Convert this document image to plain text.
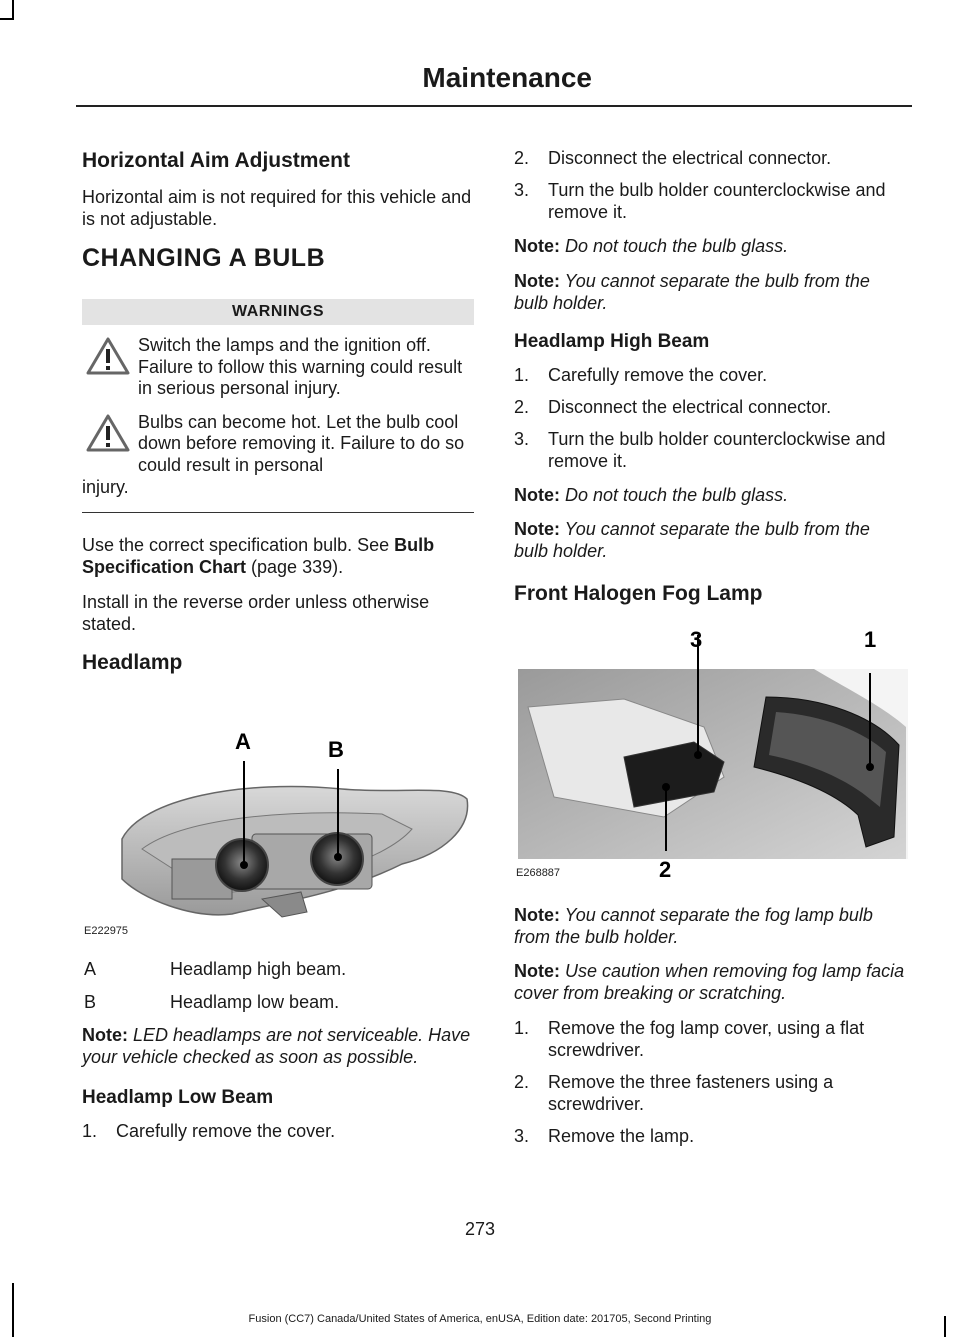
Maintenance
Horizontal Aim Adjustment

Horizontal aim is not required for this vehicle and is not adjustable.

CHANGING A BULB
WARNINGS
Switch the lamps and the ignition off. Failure to follow this warning could result in serious personal injury.
Bulbs can become hot. Let the bulb cool down before removing it. Failure to do so could result in personal
injury.

Use the correct specification bulb. See Bulb Specification Chart (page 339).

Install in the reverse order unless otherwise stated.

Headlamp
A	B
E222975
A	Headlamp high beam.
B	Headlamp low beam.

Note: LED headlamps are not serviceable. Have your vehicle checked as soon as possible.

Headlamp Low Beam
1. Carefully remove the cover.
2. Disconnect the electrical connector.
3. Turn the bulb holder counterclockwise and remove it.

Note: Do not touch the bulb glass.

Note: You cannot separate the bulb from the bulb holder.

Headlamp High Beam
1. Carefully remove the cover.
2. Disconnect the electrical connector.
3. Turn the bulb holder counterclockwise and remove it.

Note: Do not touch the bulb glass.

Note: You cannot separate the bulb from the bulb holder.

Front Halogen Fog Lamp
3	1
2
E268887

Note: You cannot separate the fog lamp bulb from the bulb holder.

Note: Use caution when removing fog lamp facia cover from breaking or scratching.

1. Remove the fog lamp cover, using a flat screwdriver.
2. Remove the three fasteners using a screwdriver.
3. Remove the lamp.
273
Fusion (CC7) Canada/United States of America, enUSA, Edition date: 201705, Second Printing
